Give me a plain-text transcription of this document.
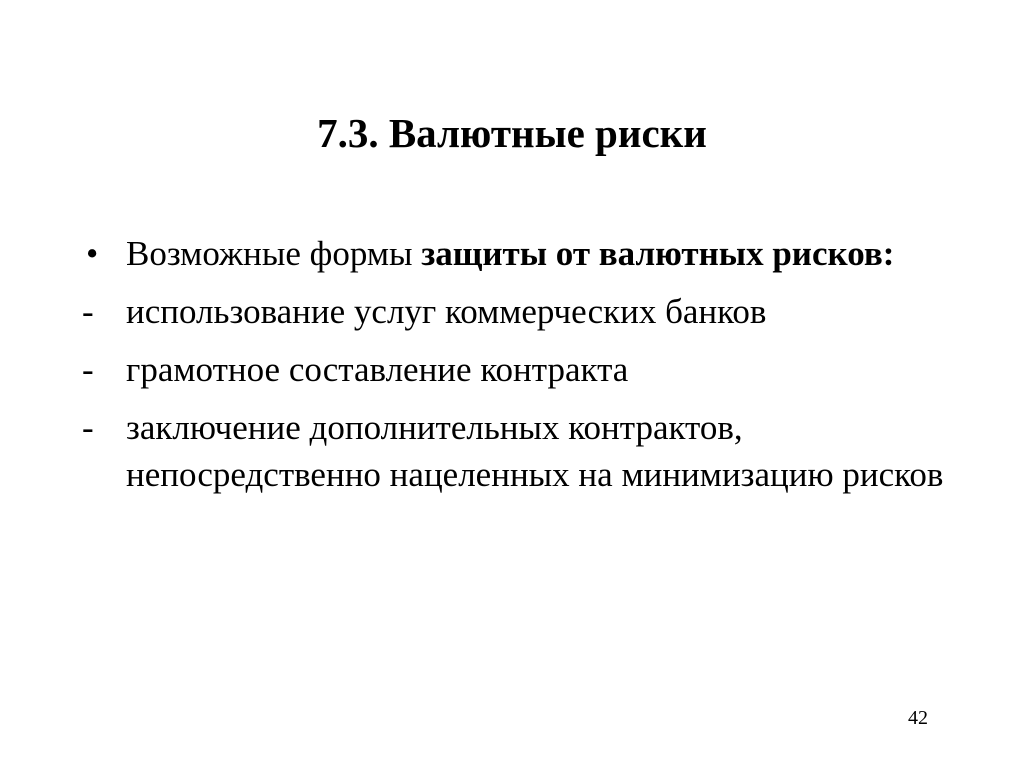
7.3. Валютные риски
• Возможные формы защиты от валютных рисков:
- использование услуг коммерческих банков
- грамотное составление контракта
- заключение дополнительных контрактов, непосредственно нацеленных на минимизацию рисков
42
